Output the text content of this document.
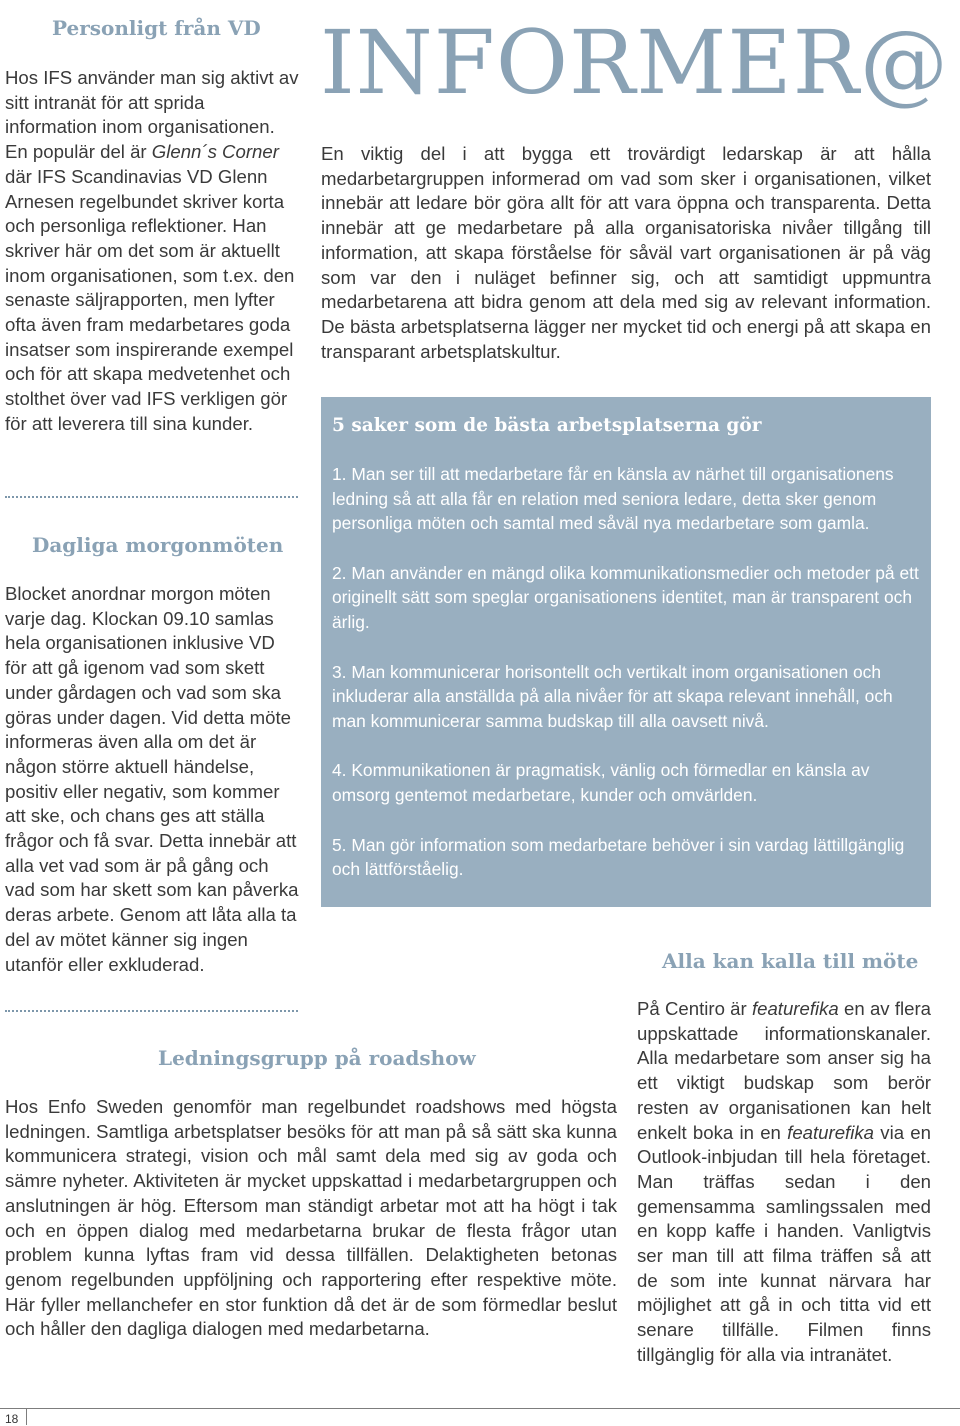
Personligt från VD
Hos IFS använder man sig aktivt av sitt intranät för att sprida information inom organisationen. En populär del är Glenn´s Corner där IFS Scandinavias VD Glenn Arnesen regelbundet skriver korta och personliga reflektioner. Han skriver här om det som är aktuellt inom organisationen, som t.ex. den senaste säljrapporten, men lyfter ofta även fram medarbetares goda insatser som inspirerande exempel och för att skapa medvetenhet och stolthet över vad IFS verkligen gör för att leverera till sina kunder.
Dagliga morgonmöten
Blocket anordnar morgon möten varje dag. Klockan 09.10 samlas hela organisationen inklusive VD för att gå igenom vad som skett under gårdagen och vad som ska göras under dagen. Vid detta möte informeras även alla om det är någon större aktuell händelse, positiv eller negativ, som kommer att ske, och chans ges att ställa frågor och få svar. Detta innebär att alla vet vad som är på gång och vad som har skett som kan påverka deras arbete. Genom att låta alla ta del av mötet känner sig ingen utanför eller exkluderad.
INFORMER@
En viktig del i att bygga ett trovärdigt ledarskap är att hålla medarbetargruppen informerad om vad som sker i organisationen, vilket innebär att ledare bör göra allt för att vara öppna och transparenta. Detta innebär att ge medarbetare på alla organisatoriska nivåer tillgång till information, att skapa förståelse för såväl vart organisationen är på väg som var den i nuläget befinner sig, och att samtidigt uppmuntra medarbetarena att bidra genom att dela med sig av relevant information. De bästa arbetsplatserna lägger ner mycket tid och energi på att skapa en transparant arbetsplatskultur.
5 saker som de bästa arbetsplatserna gör
1. Man ser till att medarbetare får en känsla av närhet till organisationens ledning så att alla får en relation med seniora ledare, detta sker genom personliga möten och samtal med såväl nya medarbetare som gamla.
2. Man använder en mängd olika kommunikationsmedier och metoder på ett originellt sätt som speglar organisationens identitet, man är transparent och ärlig.
3. Man kommunicerar horisontellt och vertikalt inom organisationen och inkluderar alla anställda på alla nivåer för att skapa relevant innehåll, och man kommunicerar samma budskap till alla oavsett nivå.
4. Kommunikationen är pragmatisk, vänlig och förmedlar en känsla av omsorg gentemot medarbetare, kunder och omvärlden.
5. Man gör information som medarbetare behöver i sin vardag lättillgänglig och lättförståelig.
Alla kan kalla till möte
På Centiro är featurefika en av flera uppskattade informationskanaler. Alla medarbetare som anser sig ha ett viktigt budskap som berör resten av organisationen kan helt enkelt boka in en featurefika via en Outlook-inbjudan till hela företaget. Man träffas sedan i den gemensamma samlingssalen med en kopp kaffe i handen. Vanligtvis ser man till att filma träffen så att de som inte kunnat närvara har möjlighet att gå in och titta vid ett senare tillfälle. Filmen finns tillgänglig för alla via intranätet.
Ledningsgrupp på roadshow
Hos Enfo Sweden genomför man regelbundet roadshows med högsta ledningen. Samtliga arbetsplatser besöks för att man på så sätt ska kunna kommunicera strategi, vision och mål samt dela med sig av goda och sämre nyheter. Aktiviteten är mycket uppskattad i medarbetargruppen och anslutningen är hög. Eftersom man ständigt arbetar mot att ha högt i tak och en öppen dialog med medarbetarna brukar de flesta frågor utan problem kunna lyftas fram vid dessa tillfällen. Delaktigheten betonas genom regelbunden uppföljning och rapportering efter respektive möte. Här fyller mellanchefer en stor funktion då det är de som förmedlar beslut och håller den dagliga dialogen med medarbetarna.
18
